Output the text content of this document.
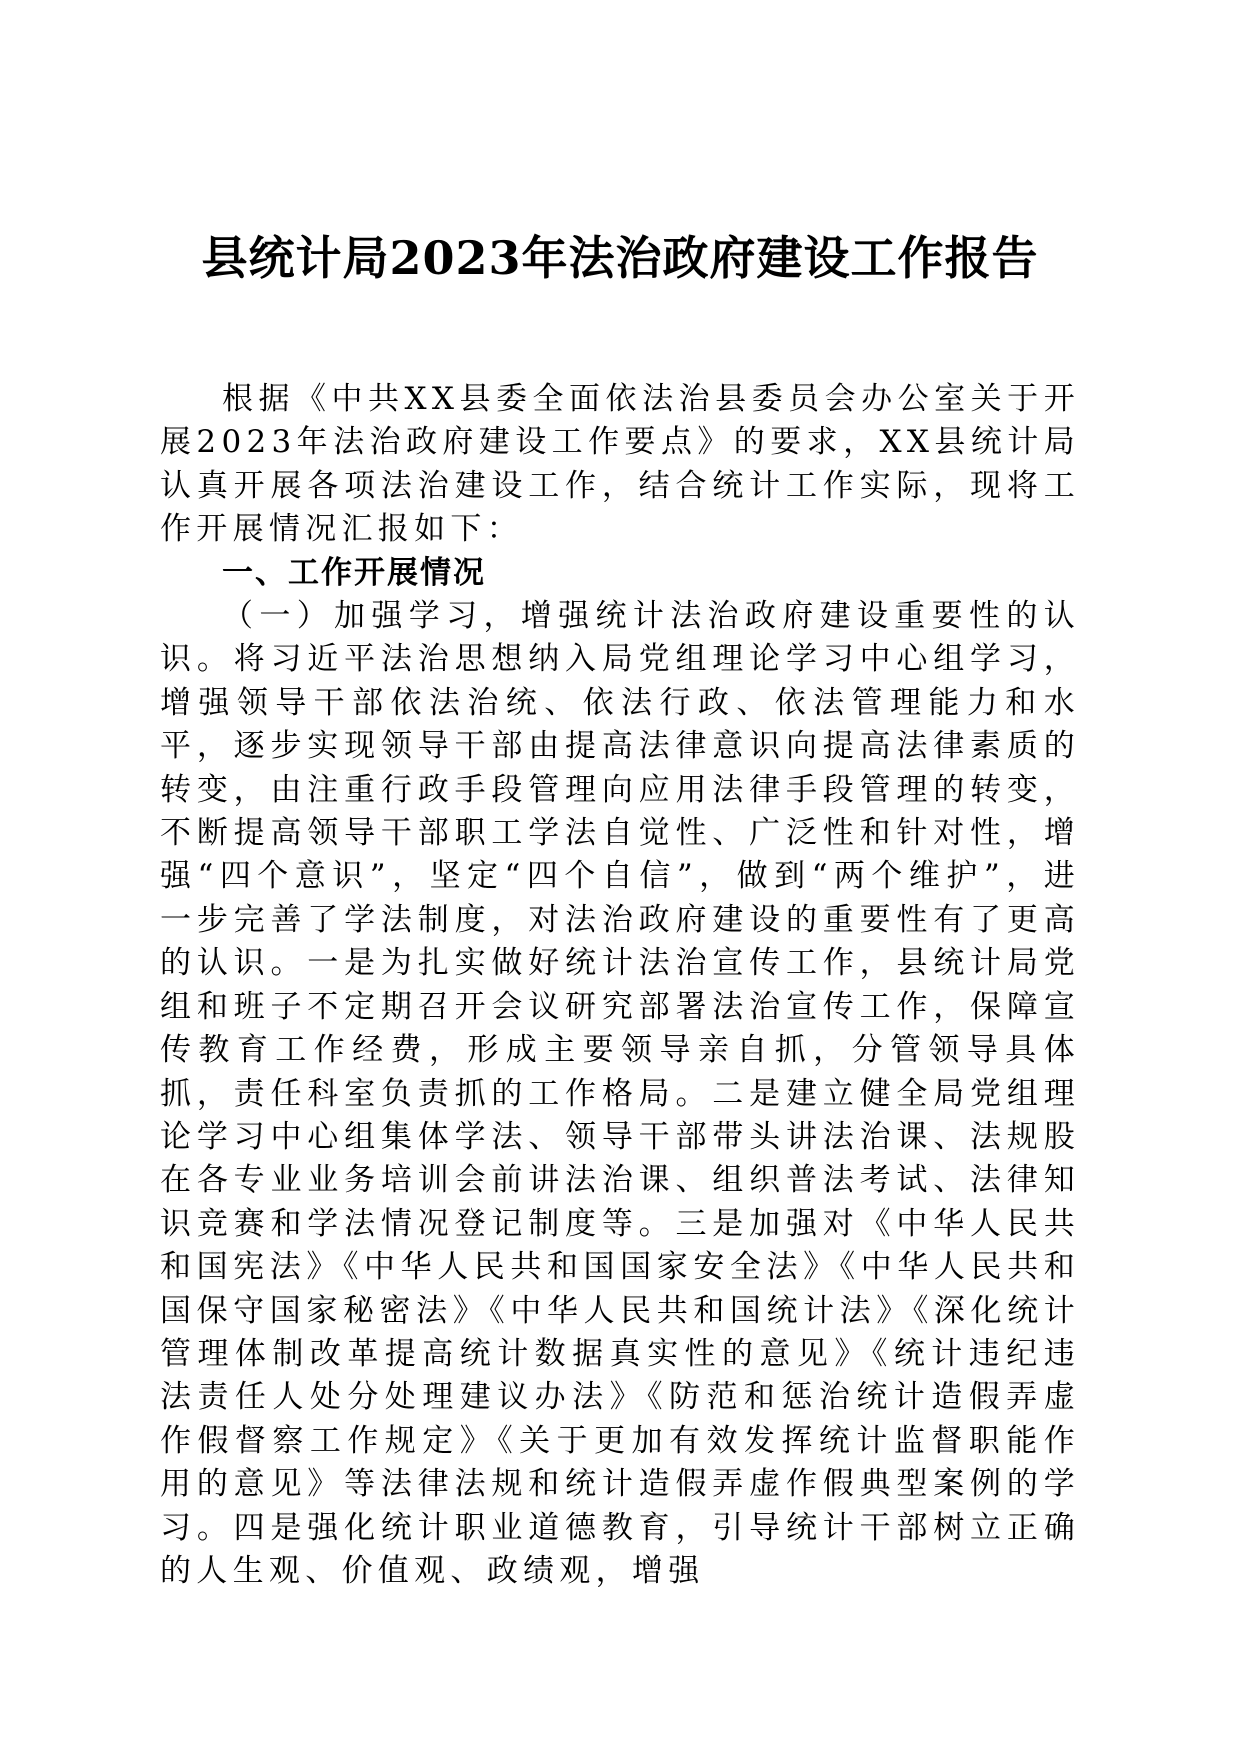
县统计局2023年法治政府建设工作报告

根据《中共XX县委全面依法治县委员会办公室关于开展2023年法治政府建设工作要点》的要求，XX县统计局认真开展各项法治建设工作，结合统计工作实际，现将工作开展情况汇报如下：

一、工作开展情况

（一）加强学习，增强统计法治政府建设重要性的认识。将习近平法治思想纳入局党组理论学习中心组学习，增强领导干部依法治统、依法行政、依法管理能力和水平，逐步实现领导干部由提高法律意识向提高法律素质的转变，由注重行政手段管理向应用法律手段管理的转变，不断提高领导干部职工学法自觉性、广泛性和针对性，增强“四个意识”，坚定“四个自信”，做到“两个维护”，进一步完善了学法制度，对法治政府建设的重要性有了更高的认识。一是为扎实做好统计法治宣传工作，县统计局党组和班子不定期召开会议研究部署法治宣传工作，保障宣传教育工作经费，形成主要领导亲自抓，分管领导具体抓，责任科室负责抓的工作格局。二是建立健全局党组理论学习中心组集体学法、领导干部带头讲法治课、法规股在各专业业务培训会前讲法治课、组织普法考试、法律知识竞赛和学法情况登记制度等。三是加强对《中华人民共和国宪法》《中华人民共和国国家安全法》《中华人民共和国保守国家秘密法》《中华人民共和国统计法》《深化统计管理体制改革提高统计数据真实性的意见》《统计违纪违法责任人处分处理建议办法》《防范和惩治统计造假弄虚作假督察工作规定》《关于更加有效发挥统计监督职能作用的意见》等法律法规和统计造假弄虚作假典型案例的学习。四是强化统计职业道德教育，引导统计干部树立正确的人生观、价值观、政绩观，增强
